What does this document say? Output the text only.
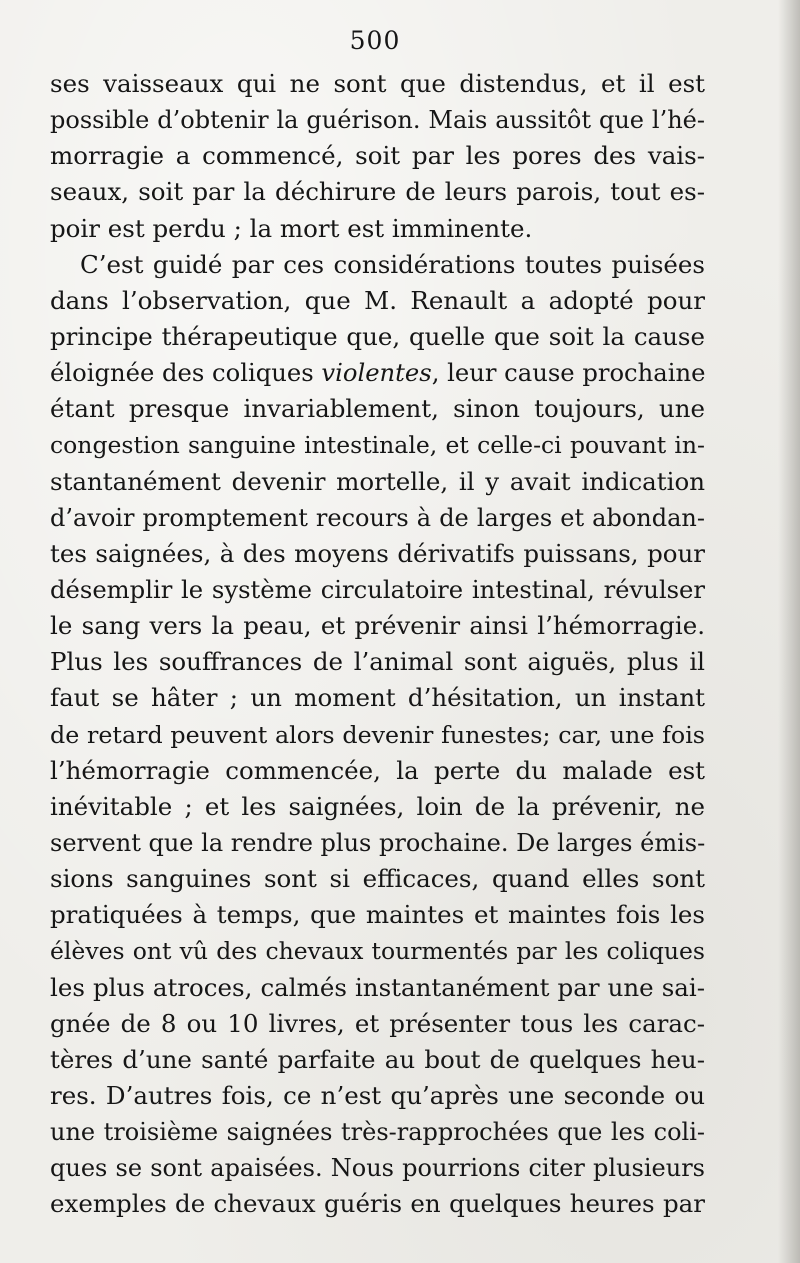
500
ses vaisseaux qui ne sont que distendus, et il est
possible d’obtenir la guérison. Mais aussitôt que l’hé-
morragie a commencé, soit par les pores des vais-
seaux, soit par la déchirure de leurs parois, tout es-
poir est perdu ; la mort est imminente.
C’est guidé par ces considérations toutes puisées
dans l’observation, que M. Renault a adopté pour
principe thérapeutique que, quelle que soit la cause
éloignée des coliques violentes, leur cause prochaine
étant presque invariablement, sinon toujours, une
congestion sanguine intestinale, et celle-ci pouvant in-
stantanément devenir mortelle, il y avait indication
d’avoir promptement recours à de larges et abondan-
tes saignées, à des moyens dérivatifs puissans, pour
désemplir le système circulatoire intestinal, révulser
le sang vers la peau, et prévenir ainsi l’hémorragie.
Plus les souffrances de l’animal sont aiguës, plus il
faut se hâter ; un moment d’hésitation, un instant
de retard peuvent alors devenir funestes; car, une fois
l’hémorragie commencée, la perte du malade est
inévitable ; et les saignées, loin de la prévenir, ne
servent que la rendre plus prochaine. De larges émis-
sions sanguines sont si efficaces, quand elles sont
pratiquées à temps, que maintes et maintes fois les
élèves ont vû des chevaux tourmentés par les coliques
les plus atroces, calmés instantanément par une sai-
gnée de 8 ou 10 livres, et présenter tous les carac-
tères d’une santé parfaite au bout de quelques heu-
res. D’autres fois, ce n’est qu’après une seconde ou
une troisième saignées très-rapprochées que les coli-
ques se sont apaisées. Nous pourrions citer plusieurs
exemples de chevaux guéris en quelques heures par
